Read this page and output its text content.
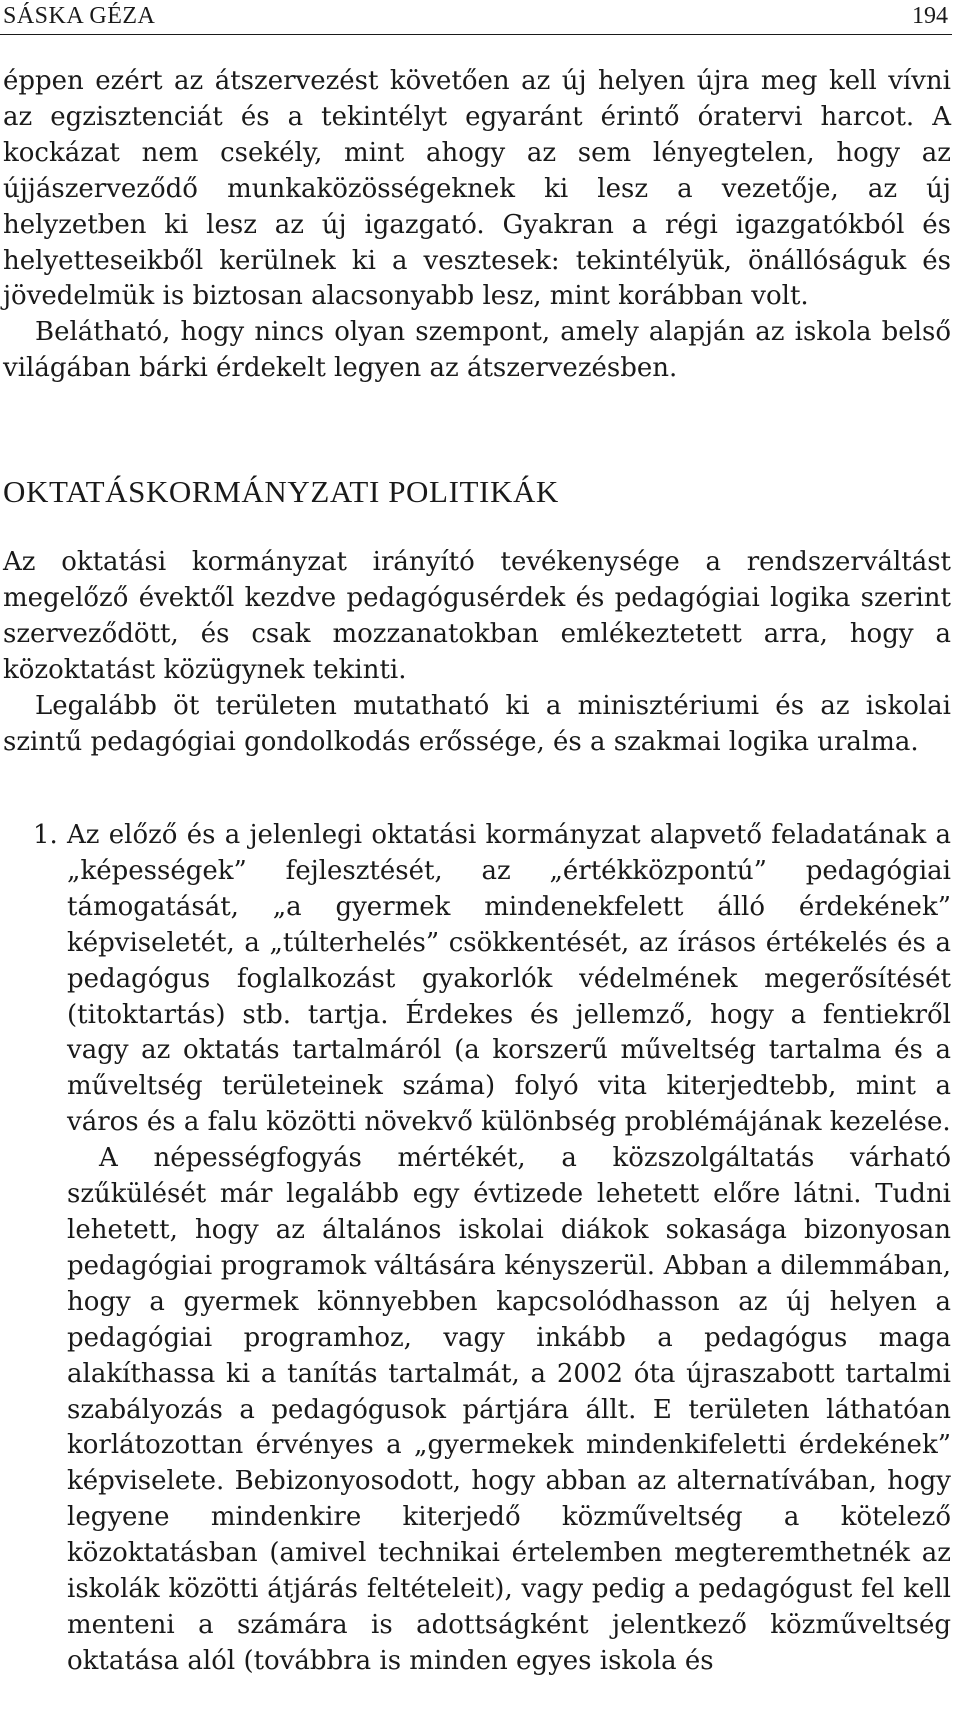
SÁSKA GÉZA	194

éppen ezért az átszervezést követően az új helyen újra meg kell vívni az egzisztenciát és a tekintélyt egyaránt érintő óratervi harcot. A kockázat nem csekély, mint ahogy az sem lényegtelen, hogy az újjászerveződő munkaközösségeknek ki lesz a vezetője, az új helyzetben ki lesz az új igazgató. Gyakran a régi igazgatókból és helyetteseikből kerülnek ki a vesztesek: tekintélyük, önállóságuk és jövedelmük is biztosan alacsonyabb lesz, mint korábban volt.

Belátható, hogy nincs olyan szempont, amely alapján az iskola belső világában bárki érdekelt legyen az átszervezésben.

OKTATÁSKORMÁNYZATI POLITIKÁK

Az oktatási kormányzat irányító tevékenysége a rendszerváltást megelőző évektől kezdve pedagógusérdek és pedagógiai logika szerint szerveződött, és csak mozzanatokban emlékeztetett arra, hogy a közoktatást közügynek tekinti.

Legalább öt területen mutatható ki a minisztériumi és az iskolai szintű pedagógiai gondolkodás erőssége, és a szakmai logika uralma.

1. Az előző és a jelenlegi oktatási kormányzat alapvető feladatának a „képességek” fejlesztését, az „értékközpontú” pedagógiai támogatását, „a gyermek mindenekfelett álló érdekének” képviseletét, a „túlterhelés” csökkentését, az írásos értékelés és a pedagógus foglalkozást gyakorlók védelmének megerősítését (titoktartás) stb. tartja. Érdekes és jellemző, hogy a fentiekről vagy az oktatás tartalmáról (a korszerű műveltség tartalma és a műveltség területeinek száma) folyó vita kiterjedtebb, mint a város és a falu közötti növekvő különbség problémájának kezelése.

A népességfogyás mértékét, a közszolgáltatás várható szűkülését már legalább egy évtizede lehetett előre látni. Tudni lehetett, hogy az általános iskolai diákok sokasága bizonyosan pedagógiai programok váltására kényszerül. Abban a dilemmában, hogy a gyermek könnyebben kapcsolódhasson az új helyen a pedagógiai programhoz, vagy inkább a pedagógus maga alakíthassa ki a tanítás tartalmát, a 2002 óta újraszabott tartalmi szabályozás a pedagógusok pártjára állt. E területen láthatóan korlátozottan érvényes a „gyermekek mindenkifeletti érdekének” képviselete. Bebizonyosodott, hogy abban az alternatívában, hogy legyene mindenkire kiterjedő közműveltség a kötelező közoktatásban (amivel technikai értelemben megteremthetnék az iskolák közötti átjárás feltételeit), vagy pedig a pedagógust fel kell menteni a számára is adottságként jelentkező közműveltség oktatása alól (továbbra is minden egyes iskola és
